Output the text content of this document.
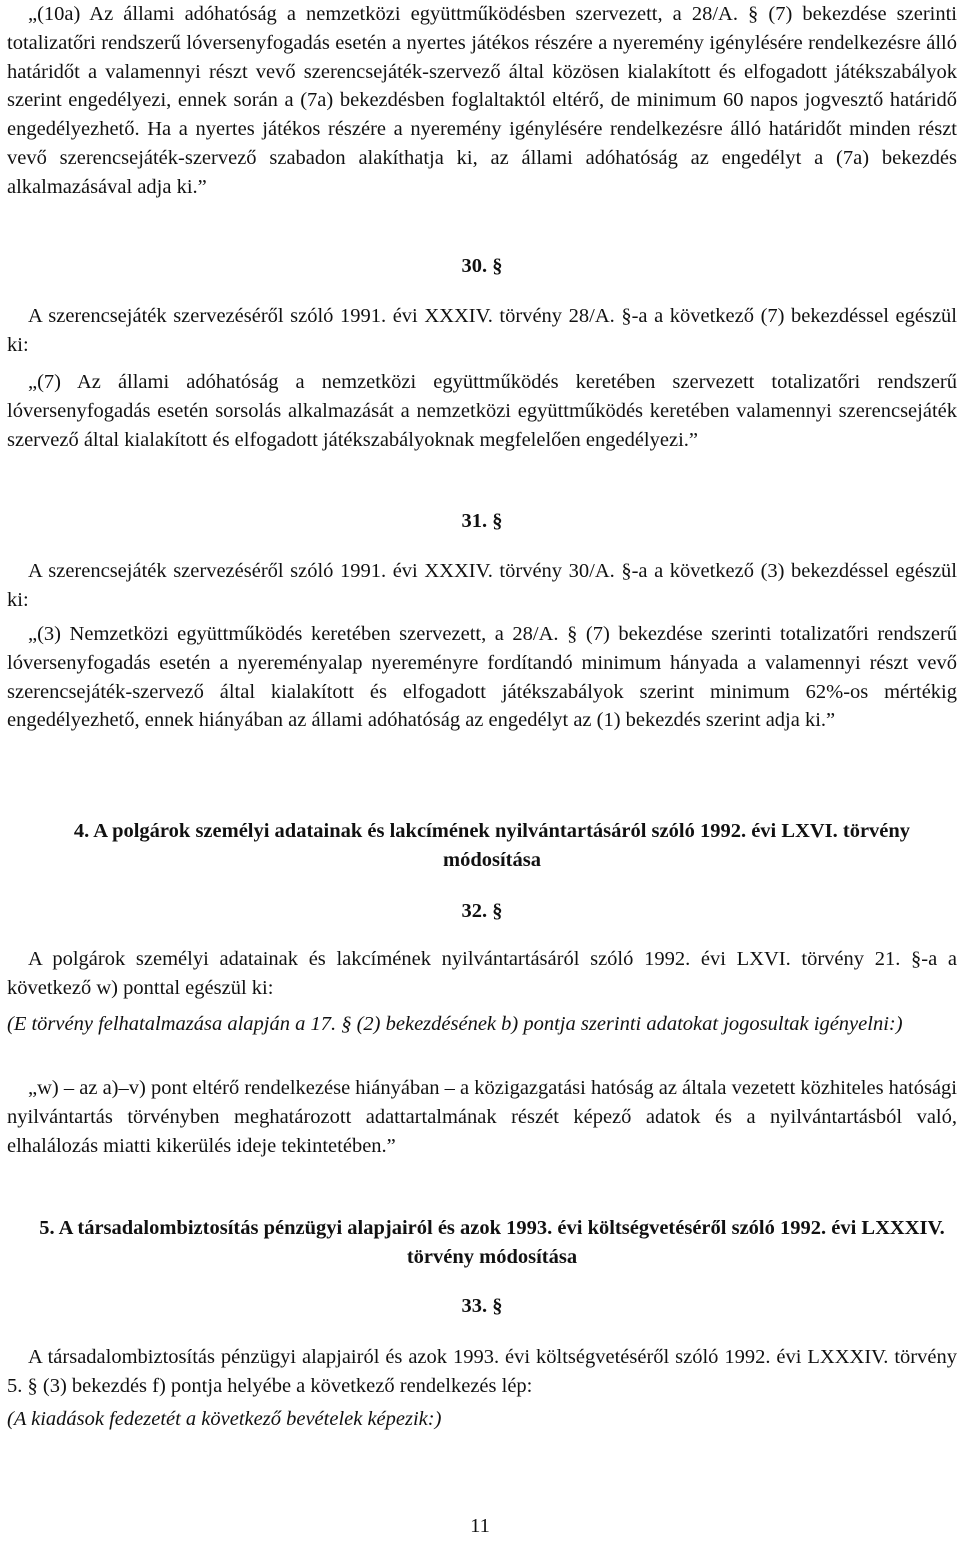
„(10a) Az állami adóhatóság a nemzetközi együttműködésben szervezett, a 28/A. § (7) bekezdése szerinti totalizatőri rendszerű lóversenyfogadás esetén a nyertes játékos részére a nyeremény igénylésére rendelkezésre álló határidőt a valamennyi részt vevő szerencsejáték-szervező által közösen kialakított és elfogadott játékszabályok szerint engedélyezi, ennek során a (7a) bekezdésben foglaltaktól eltérő, de minimum 60 napos jogvesztő határidő engedélyezhető. Ha a nyertes játékos részére a nyeremény igénylésére rendelkezésre álló határidőt minden részt vevő szerencsejáték-szervező szabadon alakíthatja ki, az állami adóhatóság az engedélyt a (7a) bekezdés alkalmazásával adja ki.”

30. §

A szerencsejáték szervezéséről szóló 1991. évi XXXIV. törvény 28/A. §-a a következő (7) bekezdéssel egészül ki:

„(7) Az állami adóhatóság a nemzetközi együttműködés keretében szervezett totalizatőri rendszerű lóversenyfogadás esetén sorsolás alkalmazását a nemzetközi együttműködés keretében valamennyi szerencsejáték szervező által kialakított és elfogadott játékszabályoknak megfelelően engedélyezi.”

31. §

A szerencsejáték szervezéséről szóló 1991. évi XXXIV. törvény 30/A. §-a a következő (3) bekezdéssel egészül ki:

„(3) Nemzetközi együttműködés keretében szervezett, a 28/A. § (7) bekezdése szerinti totalizatőri rendszerű lóversenyfogadás esetén a nyereményalap nyereményre fordítandó minimum hányada a valamennyi részt vevő szerencsejáték-szervező által kialakított és elfogadott játékszabályok szerint minimum 62%-os mértékig engedélyezhető, ennek hiányában az állami adóhatóság az engedélyt az (1) bekezdés szerint adja ki.”

4. A polgárok személyi adatainak és lakcímének nyilvántartásáról szóló 1992. évi LXVI. törvény módosítása

32. §

A polgárok személyi adatainak és lakcímének nyilvántartásáról szóló 1992. évi LXVI. törvény 21. §-a a következő w) ponttal egészül ki:

(E törvény felhatalmazása alapján a 17. § (2) bekezdésének b) pontja szerinti adatokat jogosultak igényelni:)

„w) – az a)–v) pont eltérő rendelkezése hiányában – a közigazgatási hatóság az általa vezetett közhiteles hatósági nyilvántartás törvényben meghatározott adattartalmának részét képező adatok és a nyilvántartásból való, elhalálozás miatti kikerülés ideje tekintetében.”

5. A társadalombiztosítás pénzügyi alapjairól és azok 1993. évi költségvetéséről szóló 1992. évi LXXXIV. törvény módosítása

33. §

A társadalombiztosítás pénzügyi alapjairól és azok 1993. évi költségvetéséről szóló 1992. évi LXXXIV. törvény 5. § (3) bekezdés f) pontja helyébe a következő rendelkezés lép:

(A kiadások fedezetét a következő bevételek képezik:)

11
